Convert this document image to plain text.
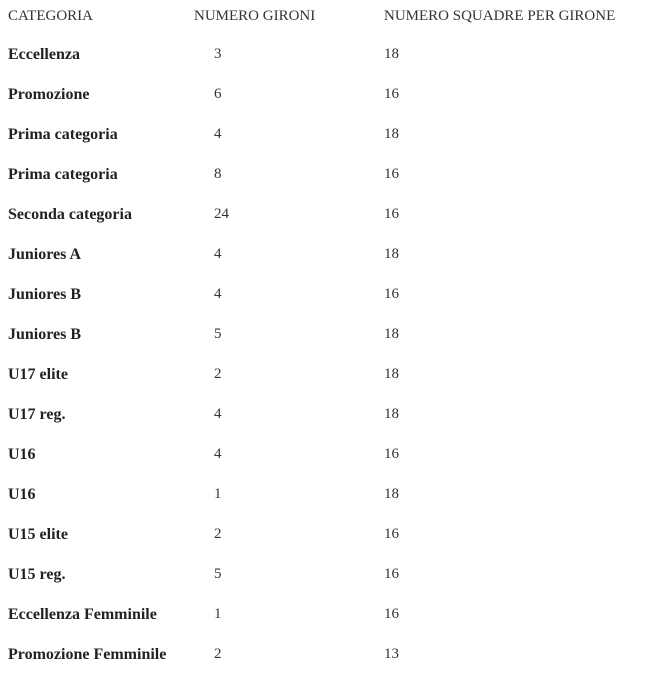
CATEGORIA	NUMERO GIRONI	NUMERO SQUADRE PER GIRONE
Eccellenza	3	18
Promozione	6	16
Prima categoria	4	18
Prima categoria	8	16
Seconda categoria	24	16
Juniores A	4	18
Juniores B	4	16
Juniores B	5	18
U17 elite	2	18
U17 reg.	4	18
U16	4	16
U16	1	18
U15 elite	2	16
U15 reg.	5	16
Eccellenza Femminile	1	16
Promozione Femminile	2	13
